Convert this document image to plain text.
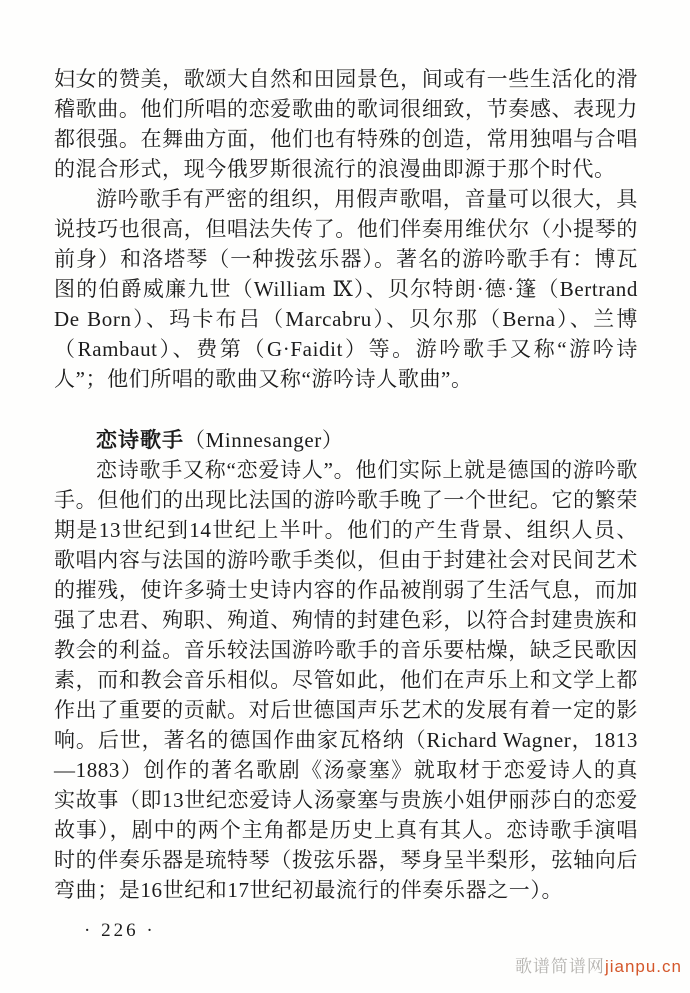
妇女的赞美，歌颂大自然和田园景色，间或有一些生活化的滑稽歌曲。他们所唱的恋爱歌曲的歌词很细致，节奏感、表现力都很强。在舞曲方面，他们也有特殊的创造，常用独唱与合唱的混合形式，现今俄罗斯很流行的浪漫曲即源于那个时代。

游吟歌手有严密的组织，用假声歌唱，音量可以很大，具说技巧也很高，但唱法失传了。他们伴奏用维伏尔（小提琴的前身）和洛塔琴（一种拨弦乐器）。著名的游吟歌手有：博瓦图的伯爵威廉九世（William Ⅸ）、贝尔特朗·德·篷（Bertrand De Born）、玛卡布吕（Marcabru）、贝尔那（Berna）、兰博（Rambaut）、费第（G·Faidit）等。游吟歌手又称“游吟诗人”；他们所唱的歌曲又称“游吟诗人歌曲”。

恋诗歌手（Minnesanger）

恋诗歌手又称“恋爱诗人”。他们实际上就是德国的游吟歌手。但他们的出现比法国的游吟歌手晚了一个世纪。它的繁荣期是13世纪到14世纪上半叶。他们的产生背景、组织人员、歌唱内容与法国的游吟歌手类似，但由于封建社会对民间艺术的摧残，使许多骑士史诗内容的作品被削弱了生活气息，而加强了忠君、殉职、殉道、殉情的封建色彩，以符合封建贵族和教会的利益。音乐较法国游吟歌手的音乐要枯燥，缺乏民歌因素，而和教会音乐相似。尽管如此，他们在声乐上和文学上都作出了重要的贡献。对后世德国声乐艺术的发展有着一定的影响。后世，著名的德国作曲家瓦格纳（Richard Wagner，1813—1883）创作的著名歌剧《汤豪塞》就取材于恋爱诗人的真实故事（即13世纪恋爱诗人汤豪塞与贵族小姐伊丽莎白的恋爱故事），剧中的两个主角都是历史上真有其人。恋诗歌手演唱时的伴奏乐器是琉特琴（拨弦乐器，琴身呈半梨形，弦轴向后弯曲；是16世纪和17世纪初最流行的伴奏乐器之一）。

· 226 ·
歌谱简谱网jianpu.cn
